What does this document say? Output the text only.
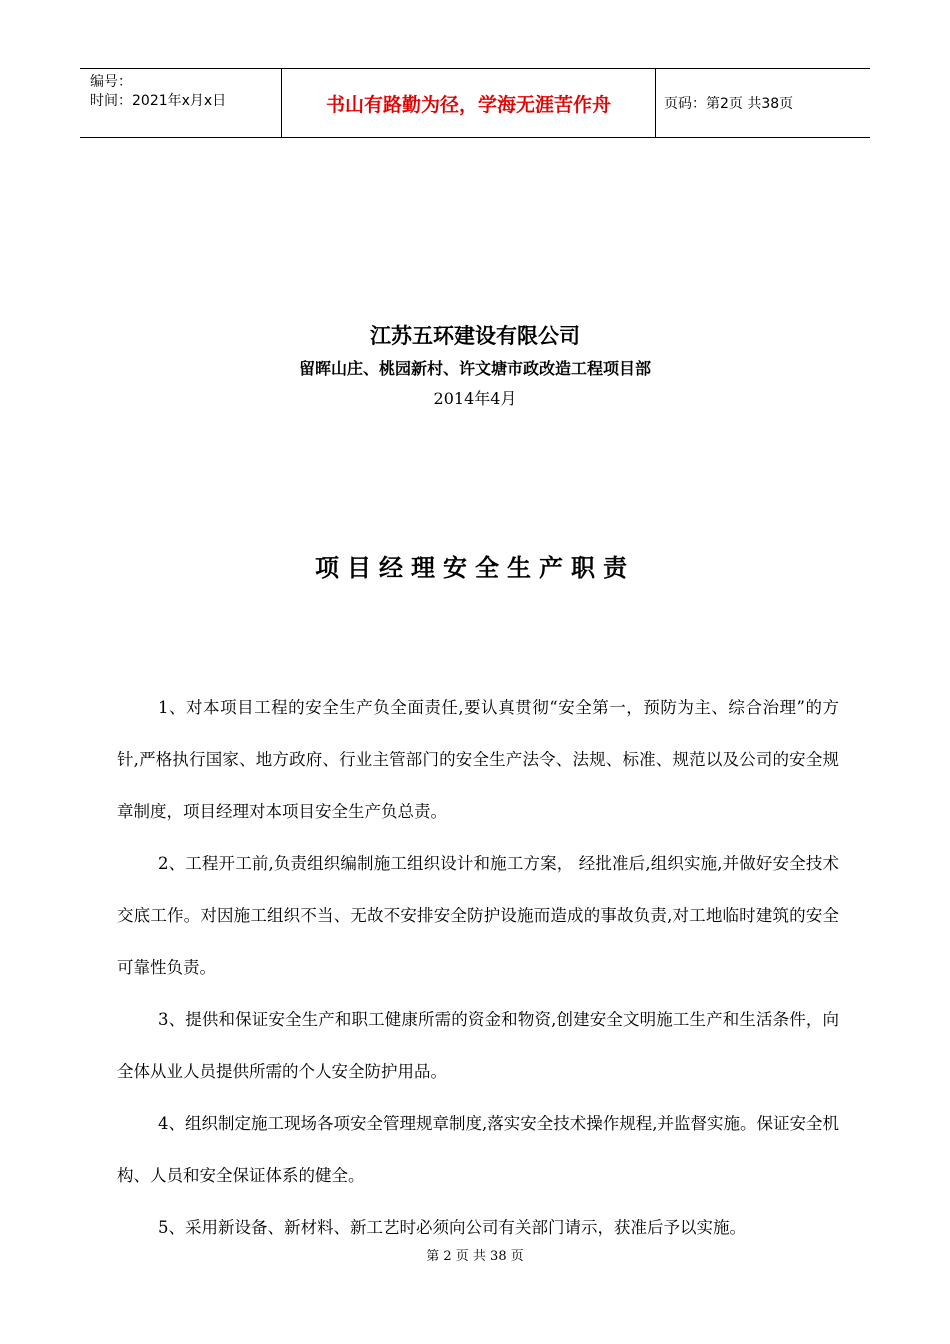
编号：
时间：2021年x月x日	书山有路勤为径，学海无涯苦作舟	页码：第2页 共38页
江苏五环建设有限公司
留晖山庄、桃园新村、许文塘市政改造工程项目部
2014年4月
项目经理安全生产职责

1、对本项目工程的安全生产负全面责任,要认真贯彻“安全第一，预防为主、综合治理”的方针,严格执行国家、地方政府、行业主管部门的安全生产法令、法规、标准、规范以及公司的安全规章制度，项目经理对本项目安全生产负总责。

2、工程开工前,负责组织编制施工组织设计和施工方案， 经批准后,组织实施,并做好安全技术交底工作。对因施工组织不当、无故不安排安全防护设施而造成的事故负责,对工地临时建筑的安全可靠性负责。

3、提供和保证安全生产和职工健康所需的资金和物资,创建安全文明施工生产和生活条件，向全体从业人员提供所需的个人安全防护用品。

4、组织制定施工现场各项安全管理规章制度,落实安全技术操作规程,并监督实施。保证安全机构、人员和安全保证体系的健全。

5、采用新设备、新材料、新工艺时必须向公司有关部门请示，获准后予以实施。

第 2 页 共 38 页
